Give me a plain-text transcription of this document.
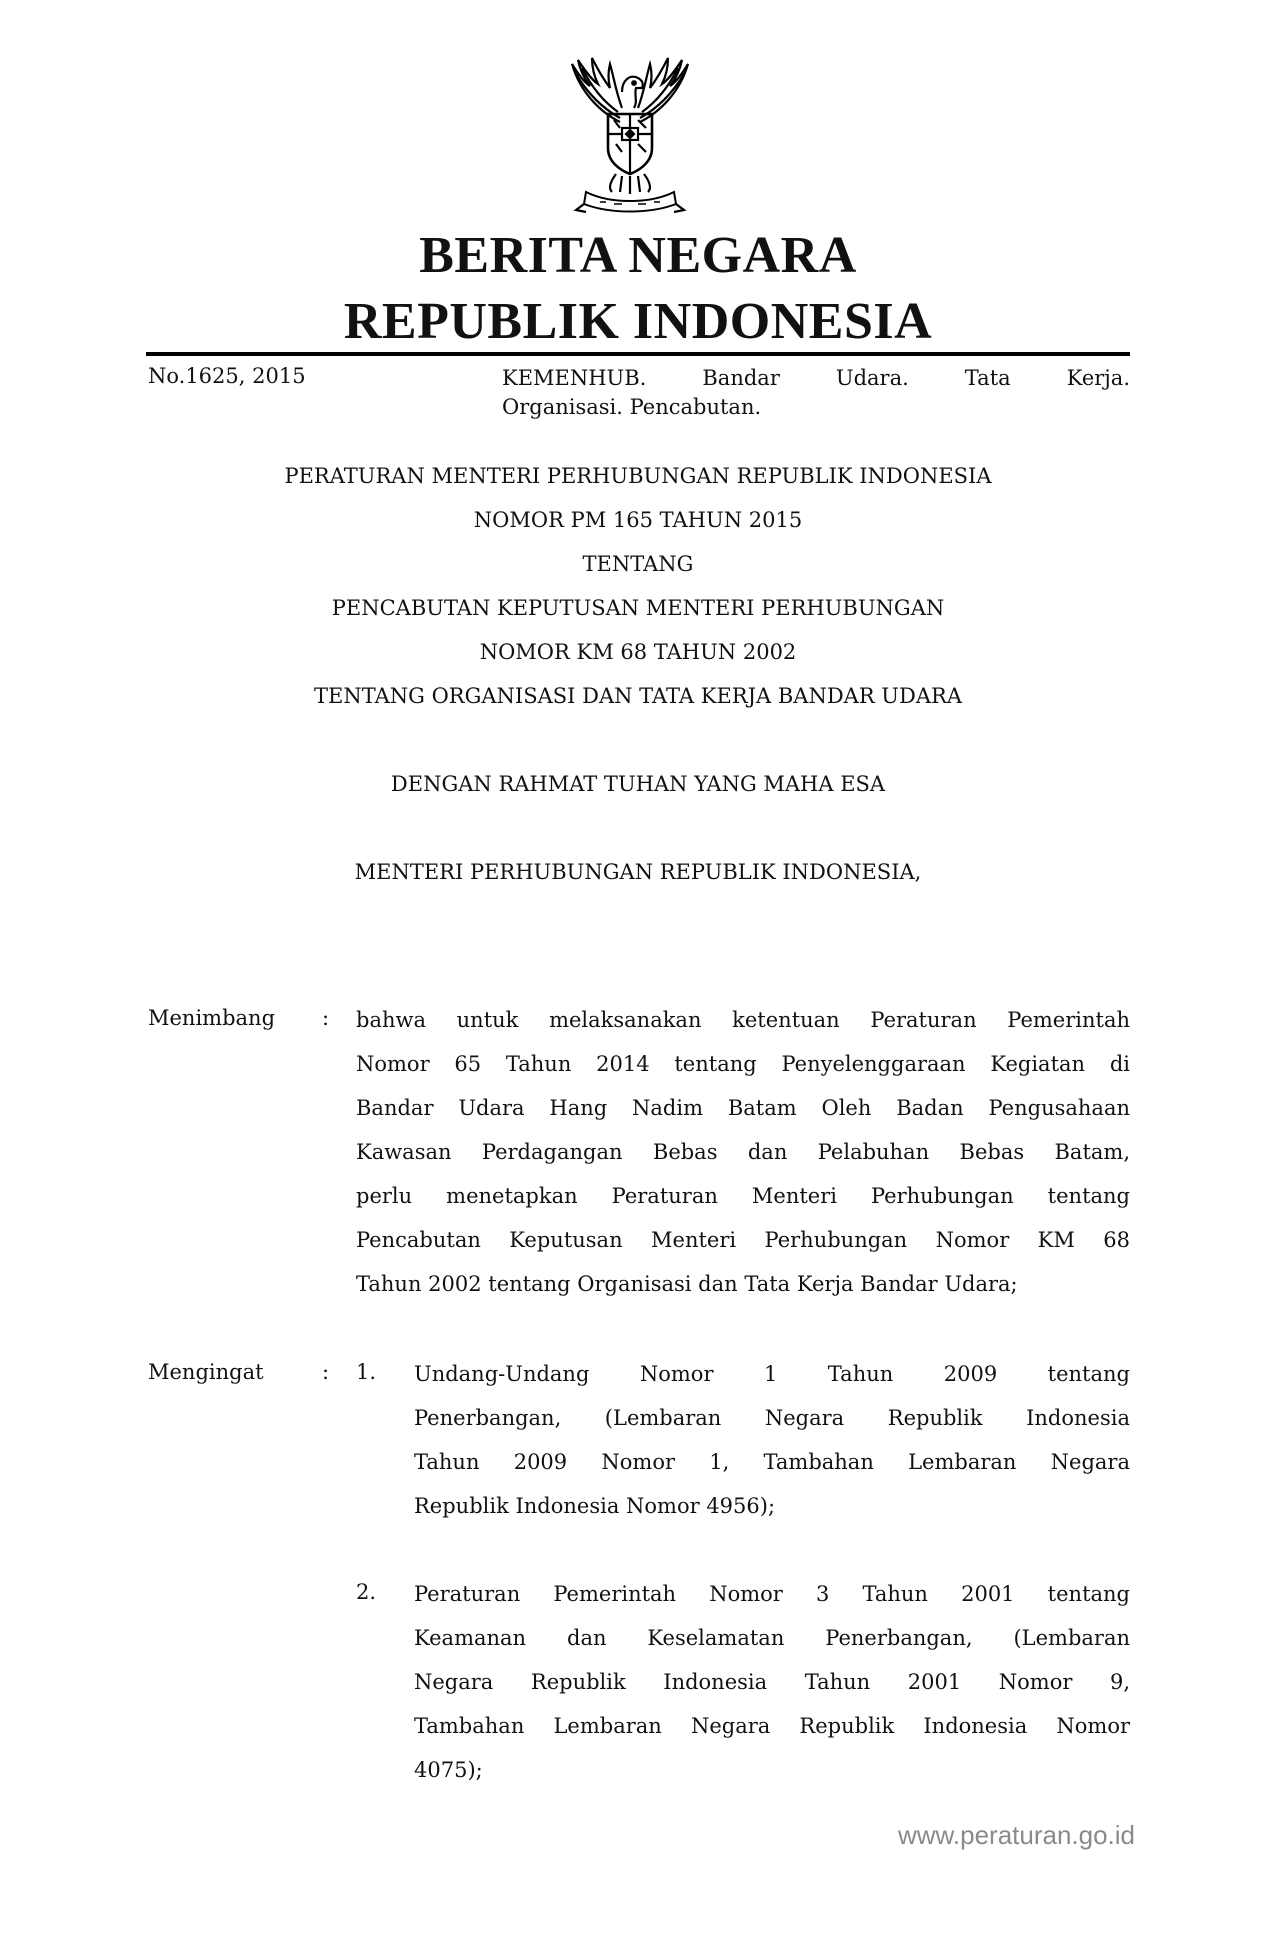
BERITA NEGARA
REPUBLIK INDONESIA
No.1625, 2015	KEMENHUB. Bandar Udara. Tata Kerja.
Organisasi. Pencabutan.
PERATURAN MENTERI PERHUBUNGAN REPUBLIK INDONESIA
NOMOR PM 165 TAHUN 2015
TENTANG
PENCABUTAN KEPUTUSAN MENTERI PERHUBUNGAN
NOMOR KM 68 TAHUN 2002
TENTANG ORGANISASI DAN TATA KERJA BANDAR UDARA
DENGAN RAHMAT TUHAN YANG MAHA ESA
MENTERI PERHUBUNGAN REPUBLIK INDONESIA,
Menimbang : bahwa untuk melaksanakan ketentuan Peraturan Pemerintah
Nomor 65 Tahun 2014 tentang Penyelenggaraan Kegiatan di
Bandar Udara Hang Nadim Batam Oleh Badan Pengusahaan
Kawasan Perdagangan Bebas dan Pelabuhan Bebas Batam,
perlu menetapkan Peraturan Menteri Perhubungan tentang
Pencabutan Keputusan Menteri Perhubungan Nomor KM 68
Tahun 2002 tentang Organisasi dan Tata Kerja Bandar Udara;
Mengingat	: 1. Undang-Undang Nomor 1 Tahun 2009 tentang
Penerbangan, (Lembaran Negara Republik Indonesia
Tahun 2009 Nomor 1, Tambahan Lembaran Negara
Republik Indonesia Nomor 4956);
2. Peraturan Pemerintah Nomor 3 Tahun 2001 tentang
Keamanan dan Keselamatan Penerbangan, (Lembaran
Negara Republik Indonesia Tahun 2001 Nomor 9,
Tambahan Lembaran Negara Republik Indonesia Nomor
4075);
www.peraturan.go.id
